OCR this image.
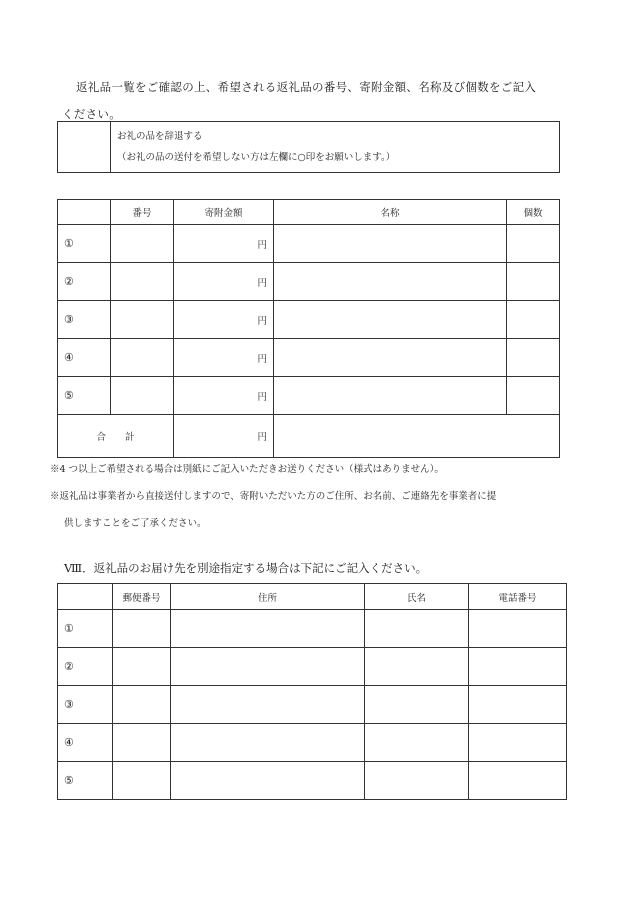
返礼品一覧をご確認の上、希望される返礼品の番号、寄附金額、名称及び個数をご記入
ください。

お礼の品を辞退する
（お礼の品の送付を希望しない方は左欄に○印をお願いします。）
	番号	寄附金額	名称	個数
①		円		
②		円		
③		円		
④		円		
⑤		円		
合 計		円		
※4 つ以上ご希望される場合は別紙にご記入いただきお送りください（様式はありません）。
※返礼品は事業者から直接送付しますので、寄附いただいた方のご住所、お名前、ご連絡先を事業者に提
供しますことをご了承ください。
Ⅷ．返礼品のお届け先を別途指定する場合は下記にご記入ください。
	郵便番号	住所	氏名	電話番号
①				
②				
③				
④				
⑤				
